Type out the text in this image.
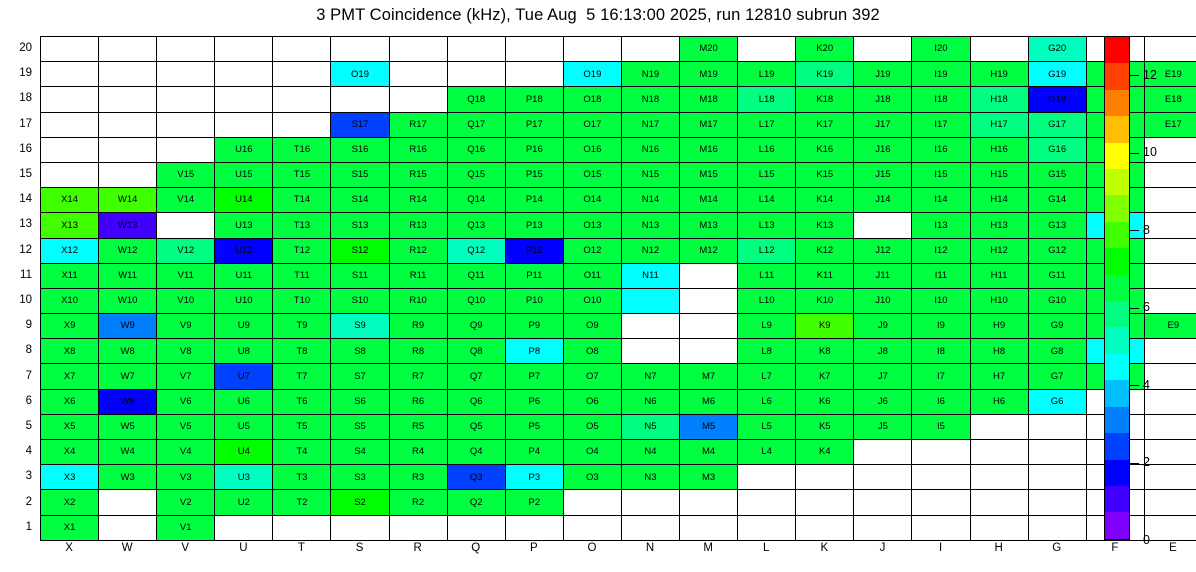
3 PMT Coincidence (kHz), Tue Aug  5 16:13:00 2025, run 12810 subrun 392
20
19
18
17
16
15
14
13
12
11
10
9
8
7
6
5
4
3
2
1
											M20		K20		I20		G20		
					O19				O19	N19	M19	L19	K19	J19	I19	H19	G19		E19
							Q18	P18	O18	N18	M18	L18	K18	J18	I18	H18	G18		E18
					S17	R17	Q17	P17	O17	N17	M17	L17	K17	J17	I17	H17	G17		E17
			U16	T16	S16	R16	Q16	P16	O16	N16	M16	L16	K16	J16	I16	H16	G16		
		V15	U15	T15	S15	R15	Q15	P15	O15	N15	M15	L15	K15	J15	I15	H15	G15		
X14	W14	V14	U14	T14	S14	R14	Q14	P14	O14	N14	M14	L14	K14	J14	I14	H14	G14		
X13	W13		U13	T13	S13	R13	Q13	P13	O13	N13	M13	L13	K13		I13	H13	G13		
X12	W12	V12	U12	T12	S12	R12	Q12	P12	O12	N12	M12	L12	K12	J12	I12	H12	G12		
X11	W11	V11	U11	T11	S11	R11	Q11	P11	O11	N11		L11	K11	J11	I11	H11	G11		
X10	W10	V10	U10	T10	S10	R10	Q10	P10	O10			L10	K10	J10	I10	H10	G10		
X9	W9	V9	U9	T9	S9	R9	Q9	P9	O9			L9	K9	J9	I9	H9	G9		E9
X8	W8	V8	U8	T8	S8	R8	Q8	P8	O8			L8	K8	J8	I8	H8	G8		
X7	W7	V7	U7	T7	S7	R7	Q7	P7	O7	N7	M7	L7	K7	J7	I7	H7	G7		
X6	W6	V6	U6	T6	S6	R6	Q6	P6	O6	N6	M6	L6	K6	J6	I6	H6	G6		
X5	W5	V5	U5	T5	S5	R5	Q5	P5	O5	N5	M5	L5	K5	J5	I5				
X4	W4	V4	U4	T4	S4	R4	Q4	P4	O4	N4	M4	L4	K4						
X3	W3	V3	U3	T3	S3	R3	Q3	P3	O3	N3	M3								
X2		V2	U2	T2	S2	R2	Q2	P2											
X1		V1																	
X	W	V	U	T	S	R	Q	P	O	N	M	L	K	J	I	H	G	F	E
0
2
4
6
8
10
12
